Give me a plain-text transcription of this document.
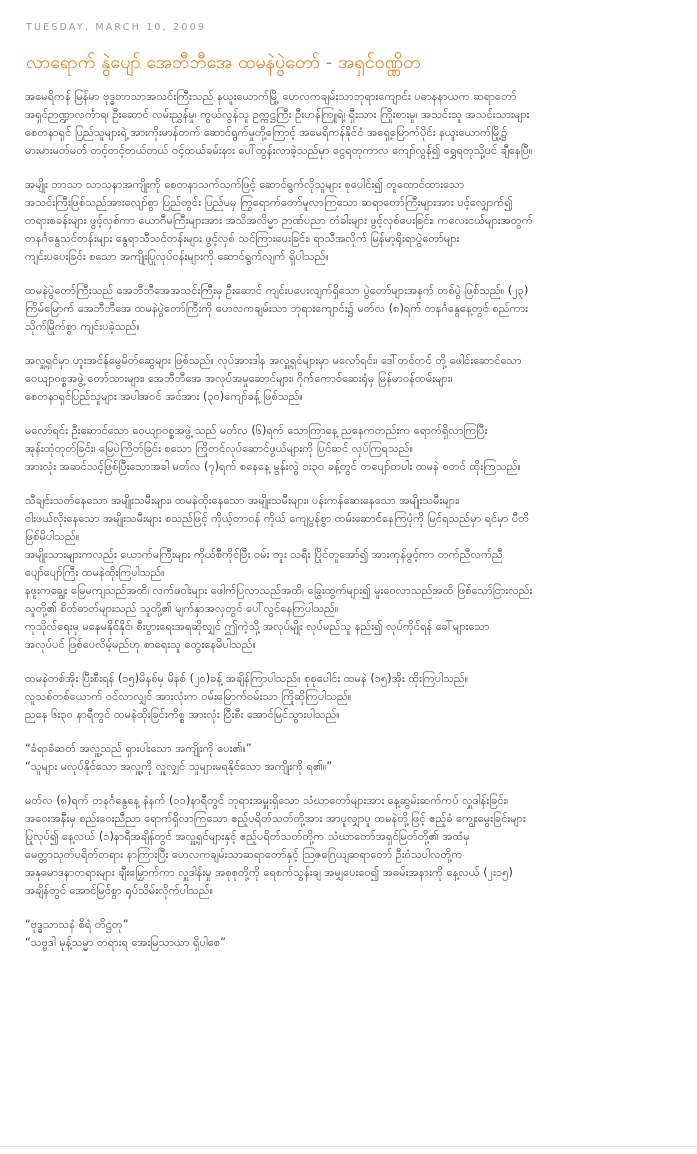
TUESDAY, MARCH 10, 2009
လာရောက် နွဲပျော် အေဘီဘီအေ ထမနဲပွဲတော် - အရှင်ဝဏ္ဏိတ
အမေရိကန် မြန်မာ ဗုဒ္ဓဘာသာအသင်းကြီးသည် နယူးယောက်မြို့ ဟေလကချမ်းသာဘုရားကျောင်း ပဓာနနာယက ဆရာတော်
အရှင်ဉာဏ္ဍာလင်္ကာရ၊ ဦးဆောင် လမ်းညွှန်မှု၊ ကွယ်လွန်သူ ဥက္ကဋ္ဌကြီး ဦးဟန်ကြူရဲ့၊ ရှီးသား ကြိုးစားမှု၊ အသင်းသူ အသင်းသားများ
စေတနာရှင် ပြည်သူများရဲ့ အားကိုးမာန်တက် ဆောင်ရွက်မှုတို့ကြောင့် အမေရိကန်နိုင်ငံ အရှေ့မြောက်ပိုင်း နယူးယောက်မြို့၌
မားမားမတ်မတ် တင့်တင့်တယ်တယ် ဝင့်ထယ်ခမ်းနား ပေါ်ထွန်းလာခဲ့သည်မှာ ငွေရတုကာလ ကျော်လွန်၍ ရွှေရတုသို့ပင် ချီနေပြီ။
အမျိုး ဘာသာ သာသနာအကျိုးကို စေတနာသက်သက်ဖြင့် ဆောင်ရွက်လိုသူများ စုပေါင်း၍ တူထောင်ထားသော
အသင်းကြီးဖြစ်သည်အားလျော်စွာ ပြည်တွင်း ပြည်ပမှ ကြွရောက်တော်မူလာကြသော ဆရာတော်ကြီးများအား ပင့်လျှောက်၍
တရားစခန်းများ ဖွင့်လှစ်ကာ ယောဂီမကြီးများအား အသိအလိမ္မာ ဉာဏ်ပညာ တံခါးများ ဖွင့်လှစ်ပေးခြင်း၊ ကလေးငယ်များအတွက်
တနင်္ဂနွေသင်တန်းများ နွေရာသီသင်တန်းများ ဖွင့်လှစ် သင်ကြားပေးခြင်း၊ ရာသီအလိုက် မြန်မာ့ရိုးရာပွဲတော်များ
ကျင်းပပေးခြင်း စသော အကျိုးပြုလုပ်ငန်းများကို ဆောင်ရွက်လျက် ရှိပါသည်။
ထမနဲပွဲတော်ကြီးသည် အေဘီဘီအေအသင်းကြီးမှ ဦးဆောင် ကျင်းပပေးလျက်ရှိသော ပွဲတော်များအနက် တစ်ပွဲ ဖြစ်သည်။ (၂၃)
ကြိမ်မြောက် အေဘီဘီအေ ထမနဲပွဲတော်ကြီးကို ဟေလကချမ်းသာ ဘုရားကျောင်း၌ မတ်လ (၈)ရက် တနင်္ဂနွေနေ့တွင် စည်ကား
သိုက်မြိုက်စွာ ကျင်းပခဲ့သည်။
အလှူ့ရှင်မှာ ဟူးအင်န်မွေမိတ်ဆွေများ ဖြစ်သည်။ လုပ်အားဒါန အလှူ့ရှင်များမှာ မလော်ရင်း၊ ဒေါ်တင်တင် တို့ ဖေါင်းဆောင်သော
ဝေယျာဝစ္စအဖွဲ့ တော်သားများ၊ အေဘီဘီအေ အလုပ်အမှုဆောင်များ၊ ဂိုက်ကောဝ်ဆေးရုံမှ မြန်မာဝန်ထမ်းများ၊
စေတနာရှင်ပြည်သူများ အပါအဝင် အင်အား (၃၀)ကျော်ခန့် ဖြစ်သည်။
မလော်ရင်း ဦးဆောင်သော ဝေယျာဝစ္စအဖွဲ့ သည် မတ်လ (၆)ရက် သောကြာနေ့ ညနေကတည်းက ရောက်ရှိလာကြပြီး
အုန်းထုံတုတ်ခြင်း၊ မြေပဲကြိတ်ခြင်း စသော ကြိုတင်လုပ်ဆောင်ဖွယ်များကို ပြင်ဆင် လုပ်ကြရသည်။
အားလုံး အဆင်သင့်ဖြစ်ပြီးသောအခါ မတ်လ (၇)ရက် စနေနေ့ မွန်းလွဲ ၁း၃၀ ခန့်တွင် တပျော်တပါး ထမနဲ စတင် ထိုးကြသည်။
သီချင်းသတ်နေသော အမျိုးသမီးများ၊ ထမနဲထိုးနေသော အမျိုးသမီးများ၊ ပန်းကန်ဆေးနေသော အမျိုးသမီးများ၊
ငါးဖယ်လိုးနေသော အမျိုးသမီးများ စသည်ဖြင့် ကိုယ့်တာဝန် ကိုယ် ကျေပွန်စွာ ထမ်းဆောင်နေကြပုံကို မြင်ရသည်မှာ ရင်မှာ ပီတိ
ဖြစ်မိပါသည်။
အမျိုးသားများကလည်း ယောက်မကြီးများ ကိုယ်စီကိုင်ပြီး ဝမ်း တူး သရီး ပြိုင်တူအော်၍ အားကုန်ဖွင့်ကာ တက်ညီလက်ညီ
ပျော်ပျော်ကြီး ထမနဲထိုးကြပါသည်။
နဖူးကချွေး မြေမကျသည်အထိ၊ လက်ဖဝါးများ ဖေါက်ပြလာသည်အထိ၊ ခြွေးထွက်များ၍ မူးဝေလာသည်အထိ ဖြစ်သော်ငြားလည်း
သူတို့၏ စိတ်ဓာတ်များသည် သူတို့၏ မျက်နှာအလှတွင် ပေါ်လွင်နေကြပါသည်။
ကုသိုလ်ရေးမှ မနေမနိုင်နိုင်၊ စီးပွားရေးအရဆိုလျှင် ဤကဲ့သို့ အလုပ်မျိုး လုပ်မည်သူ နည်း၍ လုပ်ကိုင်ရန် ခေါ်များသော
အလုပ်ပင် ဖြစ်ပေလိမ့်မည်ဟု စာရေးသူ တွေးနေမိပါသည်။
ထမနဲတစ်အိုး ပြီးစီးရန် (၁၅)မိနစ်မှ မိနစ် (၂၀)ခန့် အချိန်ကြာပါသည်။ စုစုပေါင်း ထမနဲ (၁၅)အိုး ထိုးကြပါသည်။
လူသစ်တစ်ယောက် ဝင်လာလျှင် အားလုံးက ဝမ်းမြောက်ဝမ်းသာ ကြိုဆိုကြပါသည်။
ညနေ ၆း၃၀ နာရီတွင် ထမနဲထိုးခြင်းကိစ္စ အားလုံး ပြီးစီး အောင်မြင်သွားပါသည်။
“ခံရာခံဆတ် အလှူ့သည် ရှားပါးသော အကျိုးကို ပေး၏။”
“သူများ မလုပ်နိုင်သော အလှူ့ကို လှူလျှင် သူများမရနိုင်သော အကျိုးကို ရ၏။”
မတ်လ (၈)ရက် တနင်္ဂနွေနေ့ နံနက် (၁၁)နာရီတွင် ဘုရားအမှူးရှိသော သံဃာတော်များအား နေ့ဆွမ်းဆက်ကပ် လှူဒါန်းခြင်း၊
အဝေးအနီးမှ စည်းဝေးညီညာ ရောက်ရှိလာကြသော ဧည့်ပရိတ်သတ်တို့အား အာပူလျှာပူ ထမနဲတို့ဖြင့် ဧည့်ခံ ကျွေးမွေးခြင်းများ
ပြုလုပ်၍ နေ့လယ် (၁)နာရီအချိန်တွင် အလှူ့ရှင်များနှင့် ဧည့်ပရိတ်သတ်တို့က သံဃာတော်အရှင်မြတ်တို့၏ အထံမှ
မေတ္တာသုတ်ပရိတ်တရား နာကြားပြီး ဟေလကချမ်းသာဆရာတော်နှင့် ဩဇဂြေယျဆရာတော် ဦးဝံသပါလတို့က
အနုမောဒနာတရားများ ချီးမြှောက်ကာ လှူဒါန်းမှု အစုစုတို့ကို ရေစက်သွန်းချ အမျှပေးဝေ၍ အဓမ်းအနားကို နေ့လယ် (၂း၁၅)
အချိန်တွင် အောင်မြင်စွာ ရုပ်သိမ်းလိုက်ပါသည်။
“ဗုဒ္ဓသာသနံ စိရံ တိဋ္ဌတု”
“သဗ္ဗဒါ မုန့်သမ္မာ တရားရ အေးမြသာယာ ရှိပါစေ”
